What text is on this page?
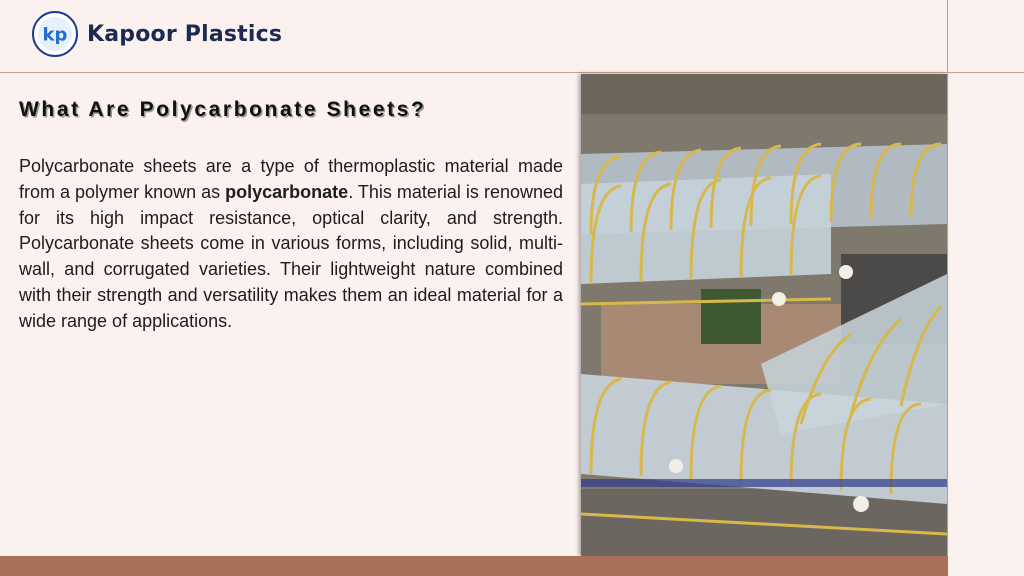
kp Kapoor Plastics
What Are Polycarbonate Sheets?

Polycarbonate sheets are a type of thermoplastic material made from a polymer known as polycarbonate. This material is renowned for its high impact resistance, optical clarity, and strength. Polycarbonate sheets come in various forms, including solid, multi-wall, and corrugated varieties. Their lightweight nature combined with their strength and versatility makes them an ideal material for a wide range of applications.
